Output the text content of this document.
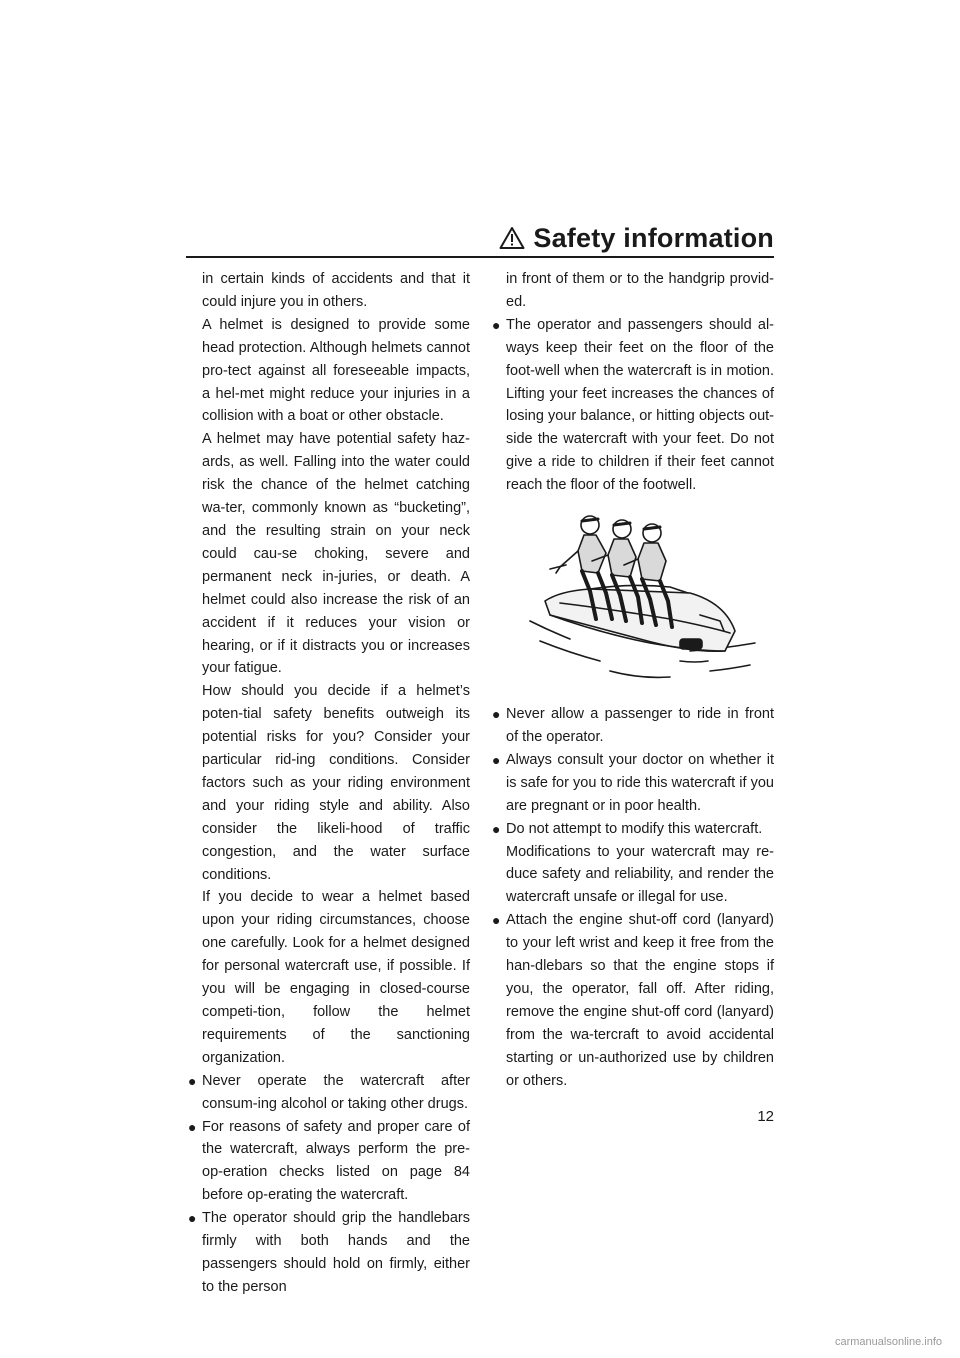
Safety information

in certain kinds of accidents and that it could injure you in others.

A helmet is designed to provide some head protection. Although helmets cannot pro-tect against all foreseeable impacts, a hel-met might reduce your injuries in a collision with a boat or other obstacle.

A helmet may have potential safety haz-ards, as well. Falling into the water could risk the chance of the helmet catching wa-ter, commonly known as “bucketing”, and the resulting strain on your neck could cau-se choking, severe and permanent neck in-juries, or death. A helmet could also increase the risk of an accident if it reduces your vision or hearing, or if it distracts you or increases your fatigue.

How should you decide if a helmet’s poten-tial safety benefits outweigh its potential risks for you? Consider your particular rid-ing conditions. Consider factors such as your riding environment and your riding style and ability. Also consider the likeli-hood of traffic congestion, and the water surface conditions.

If you decide to wear a helmet based upon your riding circumstances, choose one carefully. Look for a helmet designed for personal watercraft use, if possible. If you will be engaging in closed-course competi-tion, follow the helmet requirements of the sanctioning organization.

● Never operate the watercraft after consum-ing alcohol or taking other drugs.

● For reasons of safety and proper care of the watercraft, always perform the pre-op-eration checks listed on page 84 before op-erating the watercraft.

● The operator should grip the handlebars firmly with both hands and the passengers should hold on firmly, either to the person

in front of them or to the handgrip provid-ed.

● The operator and passengers should al-ways keep their feet on the floor of the foot-well when the watercraft is in motion. Lifting your feet increases the chances of losing your balance, or hitting objects out-side the watercraft with your feet. Do not give a ride to children if their feet cannot reach the floor of the footwell.

● Never allow a passenger to ride in front of the operator.

● Always consult your doctor on whether it is safe for you to ride this watercraft if you are pregnant or in poor health.

● Do not attempt to modify this watercraft.

Modifications to your watercraft may re-duce safety and reliability, and render the watercraft unsafe or illegal for use.

● Attach the engine shut-off cord (lanyard) to your left wrist and keep it free from the han-dlebars so that the engine stops if you, the operator, fall off. After riding, remove the engine shut-off cord (lanyard) from the wa-tercraft to avoid accidental starting or un-authorized use by children or others.

12
carmanualsonline.info
